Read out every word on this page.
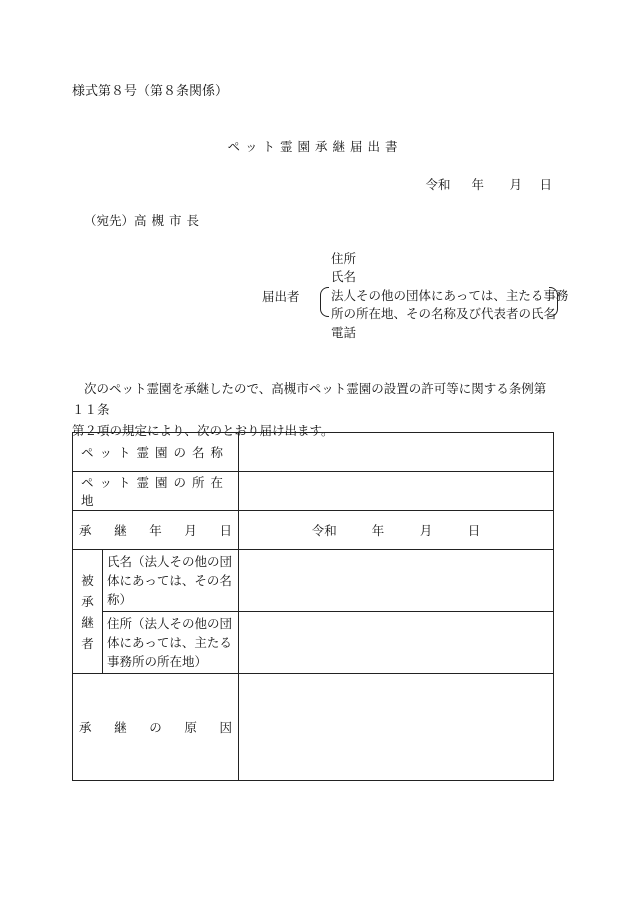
様式第８号（第８条関係）
ペット霊園承継届出書
令和	年	月	日
（宛先）高槻市長
届出者
住所
氏名
法人その他の団体にあっては、主たる事務
所の所在地、その名称及び代表者の氏名
電話

次のペット霊園を承継したので、高槻市ペット霊園の設置の許可等に関する条例第１１条

第２項の規定により、次のとおり届け出ます。

ペット霊園の名称		
ペット霊園の所在地		

承 継 年 月 日		令和 年 月 日

被
承
継
者	氏名（法人その他の団体にあっては、その名称）	
	住所（法人その他の団体にあっては、主たる事務所の所在地）	

承 継 の 原 因		
